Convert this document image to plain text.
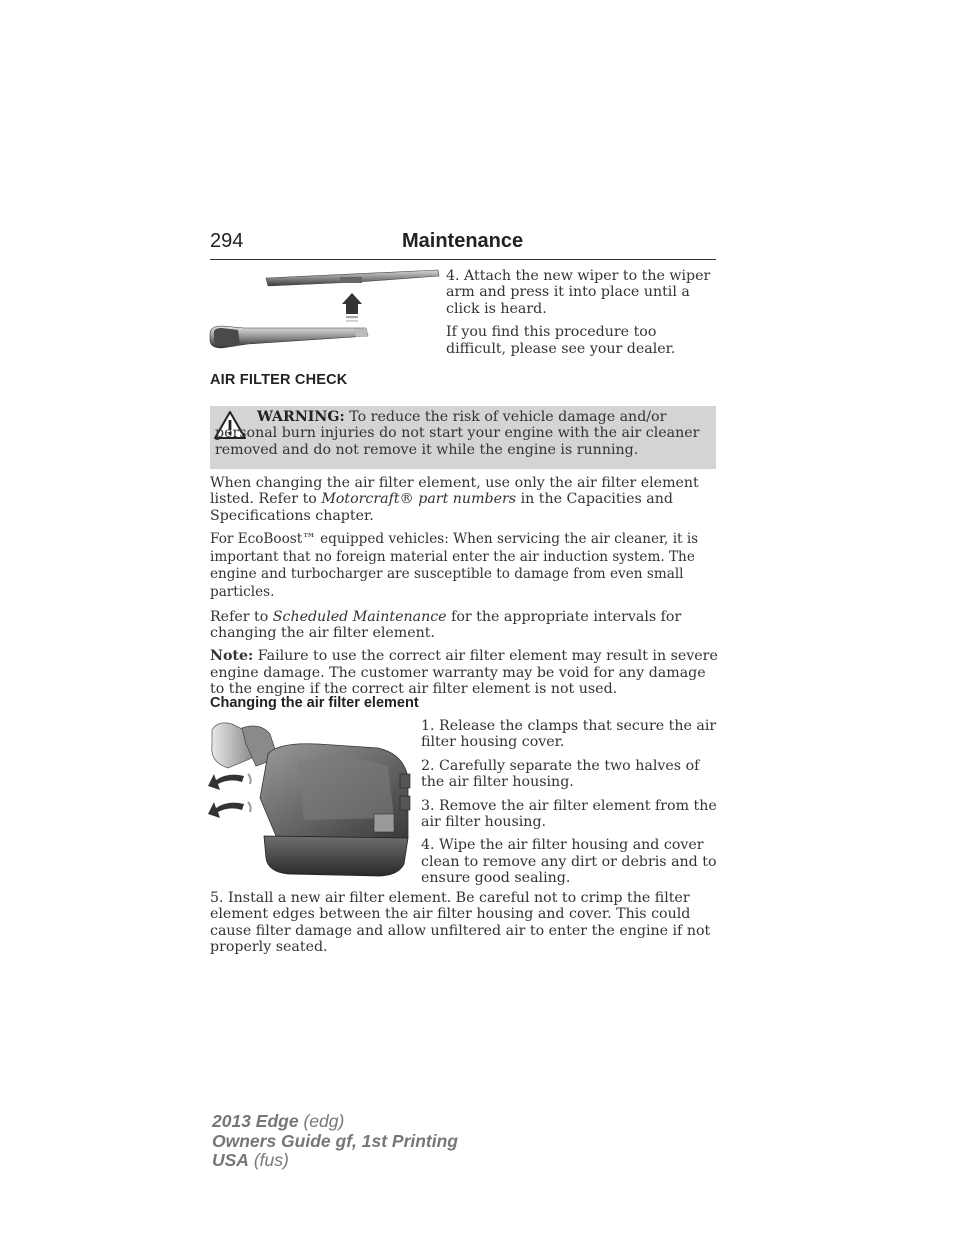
294	Maintenance

4. Attach the new wiper to the wiper arm and press it into place until a click is heard.

If you find this procedure too difficult, please see your dealer.

AIR FILTER CHECK
WARNING: To reduce the risk of vehicle damage and/or personal burn injuries do not start your engine with the air cleaner removed and do not remove it while the engine is running.

When changing the air filter element, use only the air filter element listed. Refer to Motorcraft® part numbers in the Capacities and Specifications chapter.

For EcoBoost™ equipped vehicles: When servicing the air cleaner, it is important that no foreign material enter the air induction system. The engine and turbocharger are susceptible to damage from even small particles.

Refer to Scheduled Maintenance for the appropriate intervals for changing the air filter element.

Note: Failure to use the correct air filter element may result in severe engine damage. The customer warranty may be void for any damage to the engine if the correct air filter element is not used.

Changing the air filter element

1. Release the clamps that secure the air filter housing cover.

2. Carefully separate the two halves of the air filter housing.

3. Remove the air filter element from the air filter housing.

4. Wipe the air filter housing and cover clean to remove any dirt or debris and to ensure good sealing.

5. Install a new air filter element. Be careful not to crimp the filter element edges between the air filter housing and cover. This could cause filter damage and allow unfiltered air to enter the engine if not properly seated.
2013 Edge (edg)
Owners Guide gf, 1st Printing
USA (fus)
